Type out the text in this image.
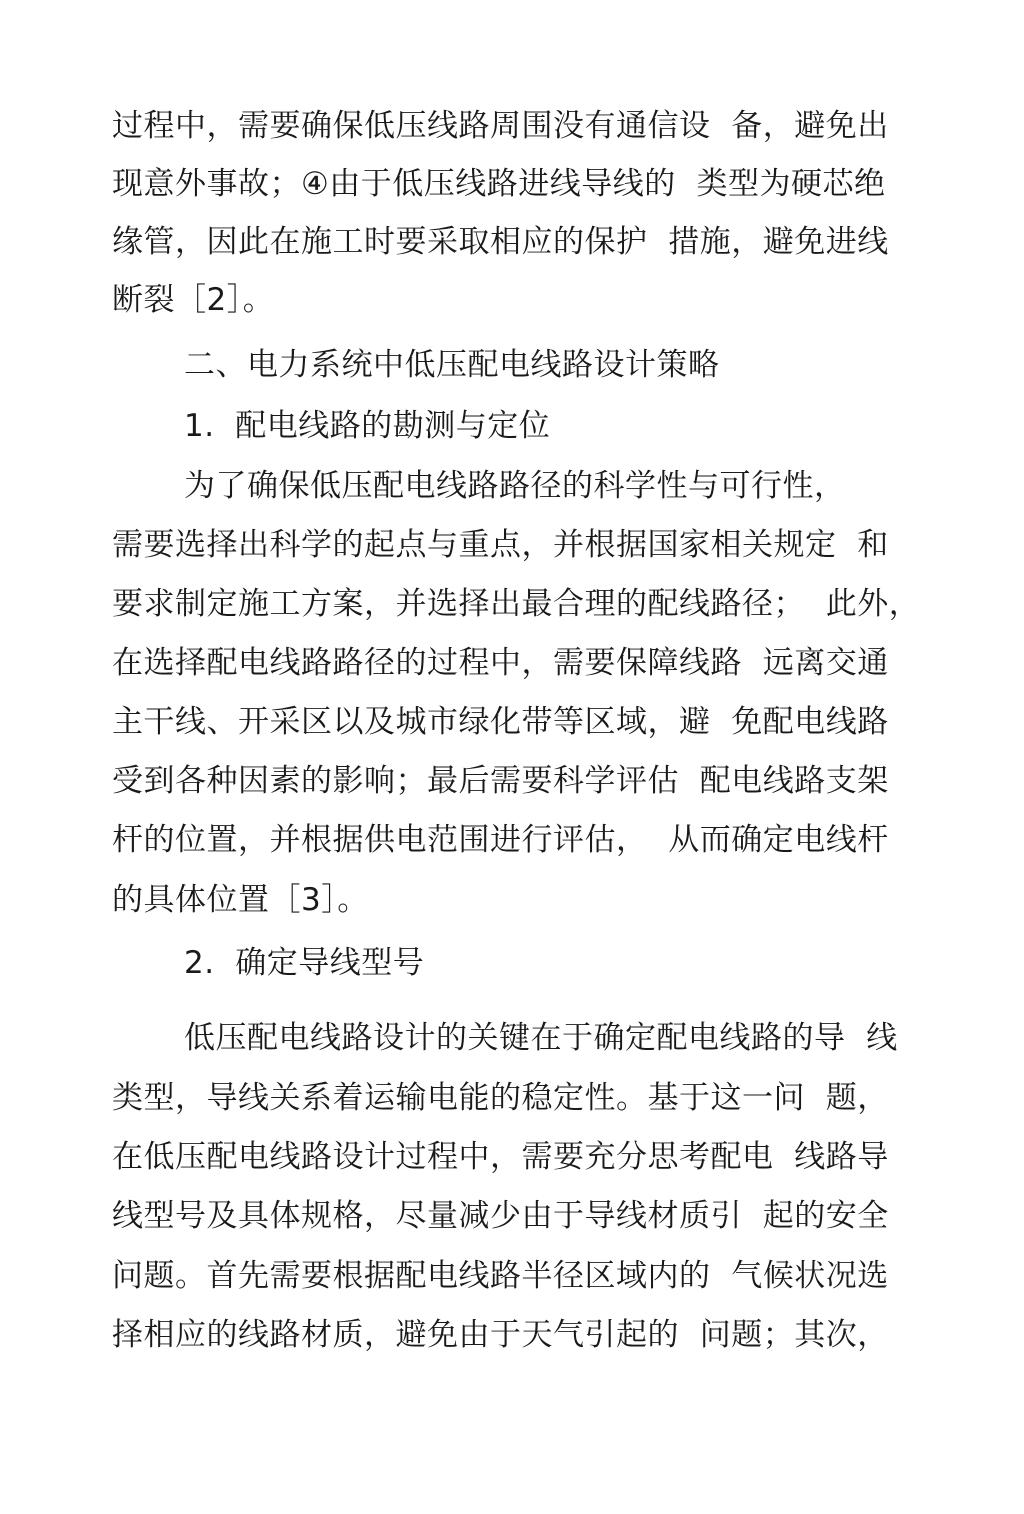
过程中，需要确保低压线路周围没有通信设  备，避免出
现意外事故；④由于低压线路进线导线的  类型为硬芯绝
缘管，因此在施工时要采取相应的保护  措施，避免进线
断裂［2］。
二、电力系统中低压配电线路设计策略
1.  配电线路的勘测与定位
为了确保低压配电线路路径的科学性与可行性，
需要选择出科学的起点与重点，并根据国家相关规定  和
要求制定施工方案，并选择出最合理的配线路径；  此外，
在选择配电线路路径的过程中，需要保障线路  远离交通
主干线、开采区以及城市绿化带等区域，避  免配电线路
受到各种因素的影响；最后需要科学评估  配电线路支架
杆的位置，并根据供电范围进行评估，  从而确定电线杆
的具体位置［3］。
2.  确定导线型号
低压配电线路设计的关键在于确定配电线路的导  线
类型，导线关系着运输电能的稳定性。基于这一问  题，
在低压配电线路设计过程中，需要充分思考配电  线路导
线型号及具体规格，尽量减少由于导线材质引  起的安全
问题。首先需要根据配电线路半径区域内的  气候状况选
择相应的线路材质，避免由于天气引起的  问题；其次，
